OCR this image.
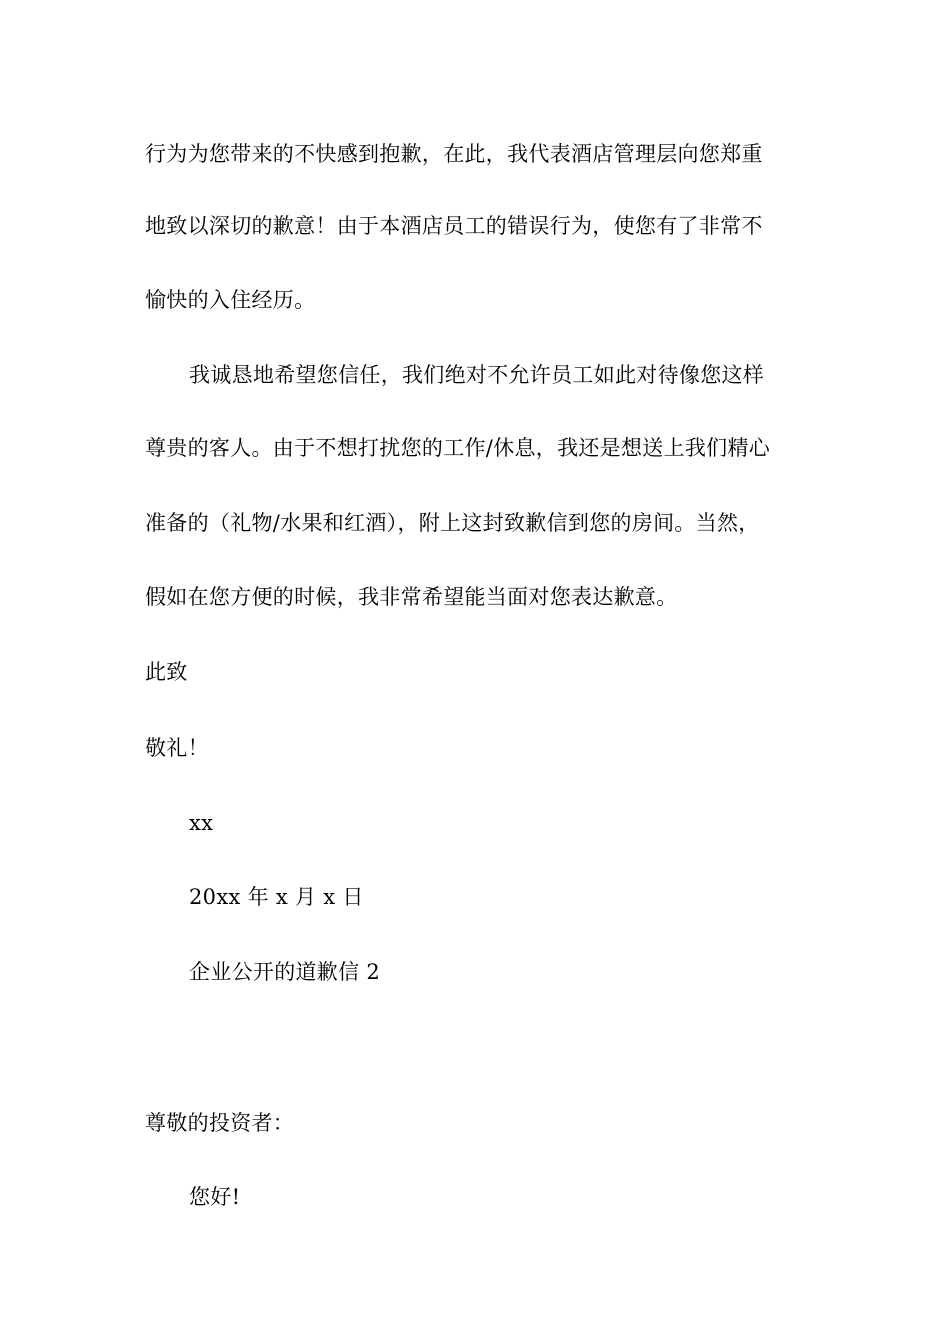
行为为您带来的不快感到抱歉，在此，我代表酒店管理层向您郑重
地致以深切的歉意！由于本酒店员工的错误行为，使您有了非常不
愉快的入住经历。
我诚恳地希望您信任，我们绝对不允许员工如此对待像您这样
尊贵的客人。由于不想打扰您的工作/休息，我还是想送上我们精心
准备的（礼物/水果和红酒），附上这封致歉信到您的房间。当然，
假如在您方便的时候，我非常希望能当面对您表达歉意。
此致
敬礼！
xx
20xx 年 x 月 x 日
企业公开的道歉信 2
尊敬的投资者：
您好!
